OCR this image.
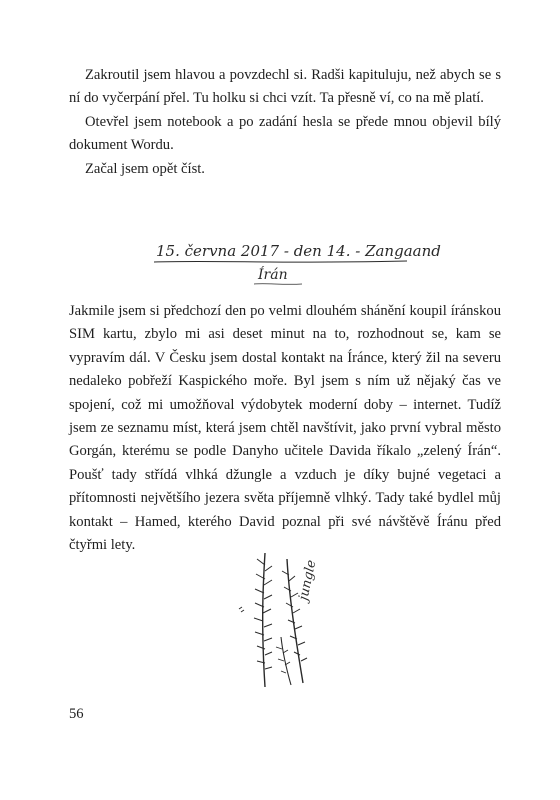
Zakroutil jsem hlavou a povzdechl si. Radši kapituluju, než abych se s ní do vyčerpání přel. Tu holku si chci vzít. Ta přesně ví, co na mě platí.

Otevřel jsem notebook a po zadání hesla se přede mnou objevil bílý dokument Wordu.

Začal jsem opět číst.

15. června 2017 - den 14. - Zangaand
Írán

Jakmile jsem si předchozí den po velmi dlouhém shánění koupil íránskou SIM kartu, zbylo mi asi deset minut na to, rozhodnout se, kam se vypravím dál. V Česku jsem dostal kontakt na Íránce, který žil na severu nedaleko pobřeží Kaspického moře. Byl jsem s ním už nějaký čas ve spojení, což mi umožňoval výdobytek moderní doby – internet. Tudíž jsem ze seznamu míst, která jsem chtěl navštívit, jako první vybral město Gorgán, kterému se podle Danyho učitele Davida říkalo „zelený Írán“. Poušť tady střídá vlhká džungle a vzduch je díky bujné vegetaci a přítomnosti největšího jezera světa příjemně vlhký. Tady také bydlel můj kontakt – Hamed, kterého David poznal při své návštěvě Íránu před čtyřmi lety.

jungle
56
